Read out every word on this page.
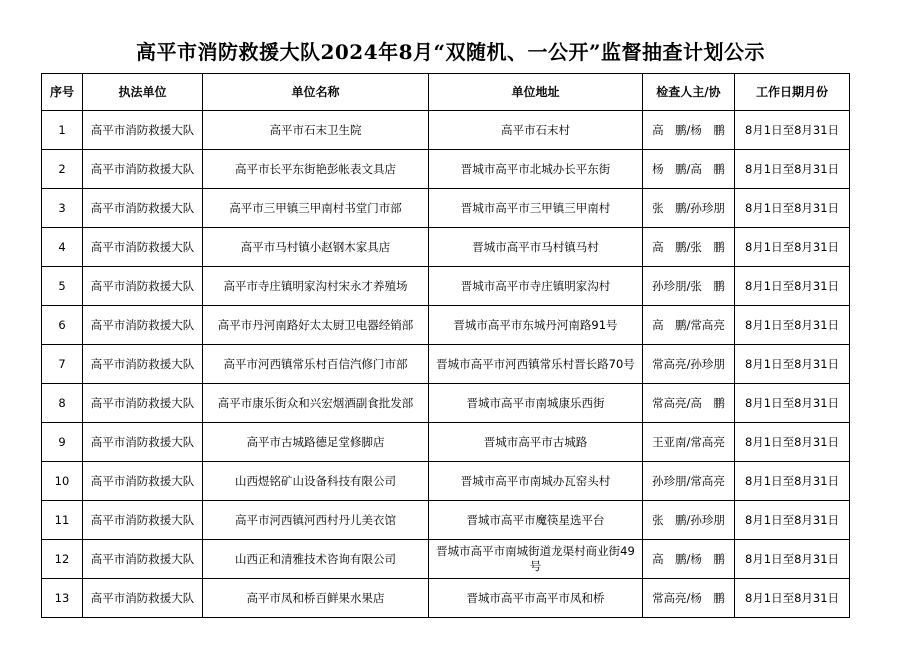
高平市消防救援大队2024年8月“双随机、一公开”监督抽查计划公示
序号	执法单位	单位名称	单位地址	检查人主/协	工作日期月份
1	高平市消防救援大队	高平市石末卫生院	高平市石末村	高　鹏/杨　鹏	8月1日至8月31日
2	高平市消防救援大队	高平市长平东街艳彭帐表文具店	晋城市高平市北城办长平东街	杨　鹏/高　鹏	8月1日至8月31日
3	高平市消防救援大队	高平市三甲镇三甲南村书堂门市部	晋城市高平市三甲镇三甲南村	张　鹏/孙珍朋	8月1日至8月31日
4	高平市消防救援大队	高平市马村镇小赵钢木家具店	晋城市高平市马村镇马村	高　鹏/张　鹏	8月1日至8月31日
5	高平市消防救援大队	高平市寺庄镇明家沟村宋永才养殖场	晋城市高平市寺庄镇明家沟村	孙珍朋/张　鹏	8月1日至8月31日
6	高平市消防救援大队	高平市丹河南路好太太厨卫电器经销部	晋城市高平市东城丹河南路91号	高　鹏/常高亮	8月1日至8月31日
7	高平市消防救援大队	高平市河西镇常乐村百信汽修门市部	晋城市高平市河西镇常乐村晋长路70号	常高亮/孙珍朋	8月1日至8月31日
8	高平市消防救援大队	高平市康乐街众和兴宏烟酒副食批发部	晋城市高平市南城康乐西街	常高亮/高　鹏	8月1日至8月31日
9	高平市消防救援大队	高平市古城路德足堂修脚店	晋城市高平市古城路	王亚南/常高亮	8月1日至8月31日
10	高平市消防救援大队	山西煜铭矿山设备科技有限公司	晋城市高平市南城办瓦窑头村	孙珍朋/常高亮	8月1日至8月31日
11	高平市消防救援大队	高平市河西镇河西村丹儿美衣馆	晋城市高平市魔筷星选平台	张　鹏/孙珍朋	8月1日至8月31日
12	高平市消防救援大队	山西正和清雅技术咨询有限公司	晋城市高平市南城街道龙渠村商业街49号	高　鹏/杨　鹏	8月1日至8月31日
13	高平市消防救援大队	高平市凤和桥百鲜果水果店	晋城市高平市高平市凤和桥	常高亮/杨　鹏	8月1日至8月31日
